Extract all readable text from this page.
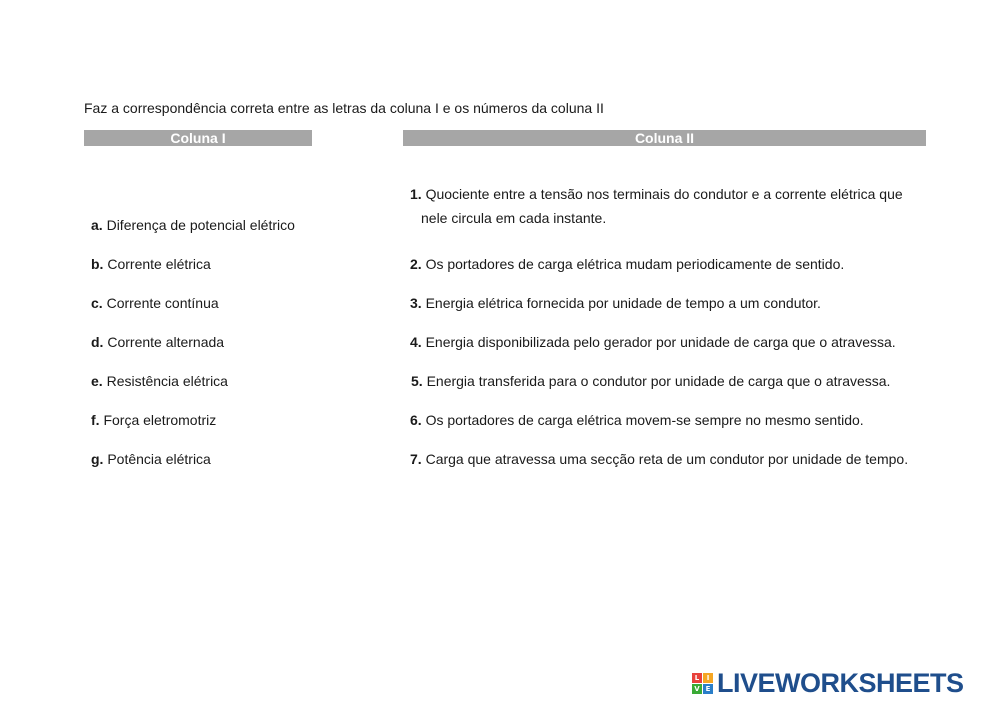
Faz a correspondência correta entre as letras da coluna I e os números da coluna II
Coluna I	Coluna II
a. Diferença de potencial elétrico
b. Corrente elétrica
c. Corrente contínua
d. Corrente alternada
e. Resistência elétrica
f. Força eletromotriz
g. Potência elétrica
1. Quociente entre a tensão nos terminais do condutor e a corrente elétrica que
nele circula em cada instante.
2. Os portadores de carga elétrica mudam periodicamente de sentido.
3. Energia elétrica fornecida por unidade de tempo a um condutor.
4. Energia disponibilizada pelo gerador por unidade de carga que o atravessa.
5. Energia transferida para o condutor por unidade de carga que o atravessa.
6. Os portadores de carga elétrica movem-se sempre no mesmo sentido.
7. Carga que atravessa uma secção reta de um condutor por unidade de tempo.
L	I
V E LIVEWORKSHEETS
